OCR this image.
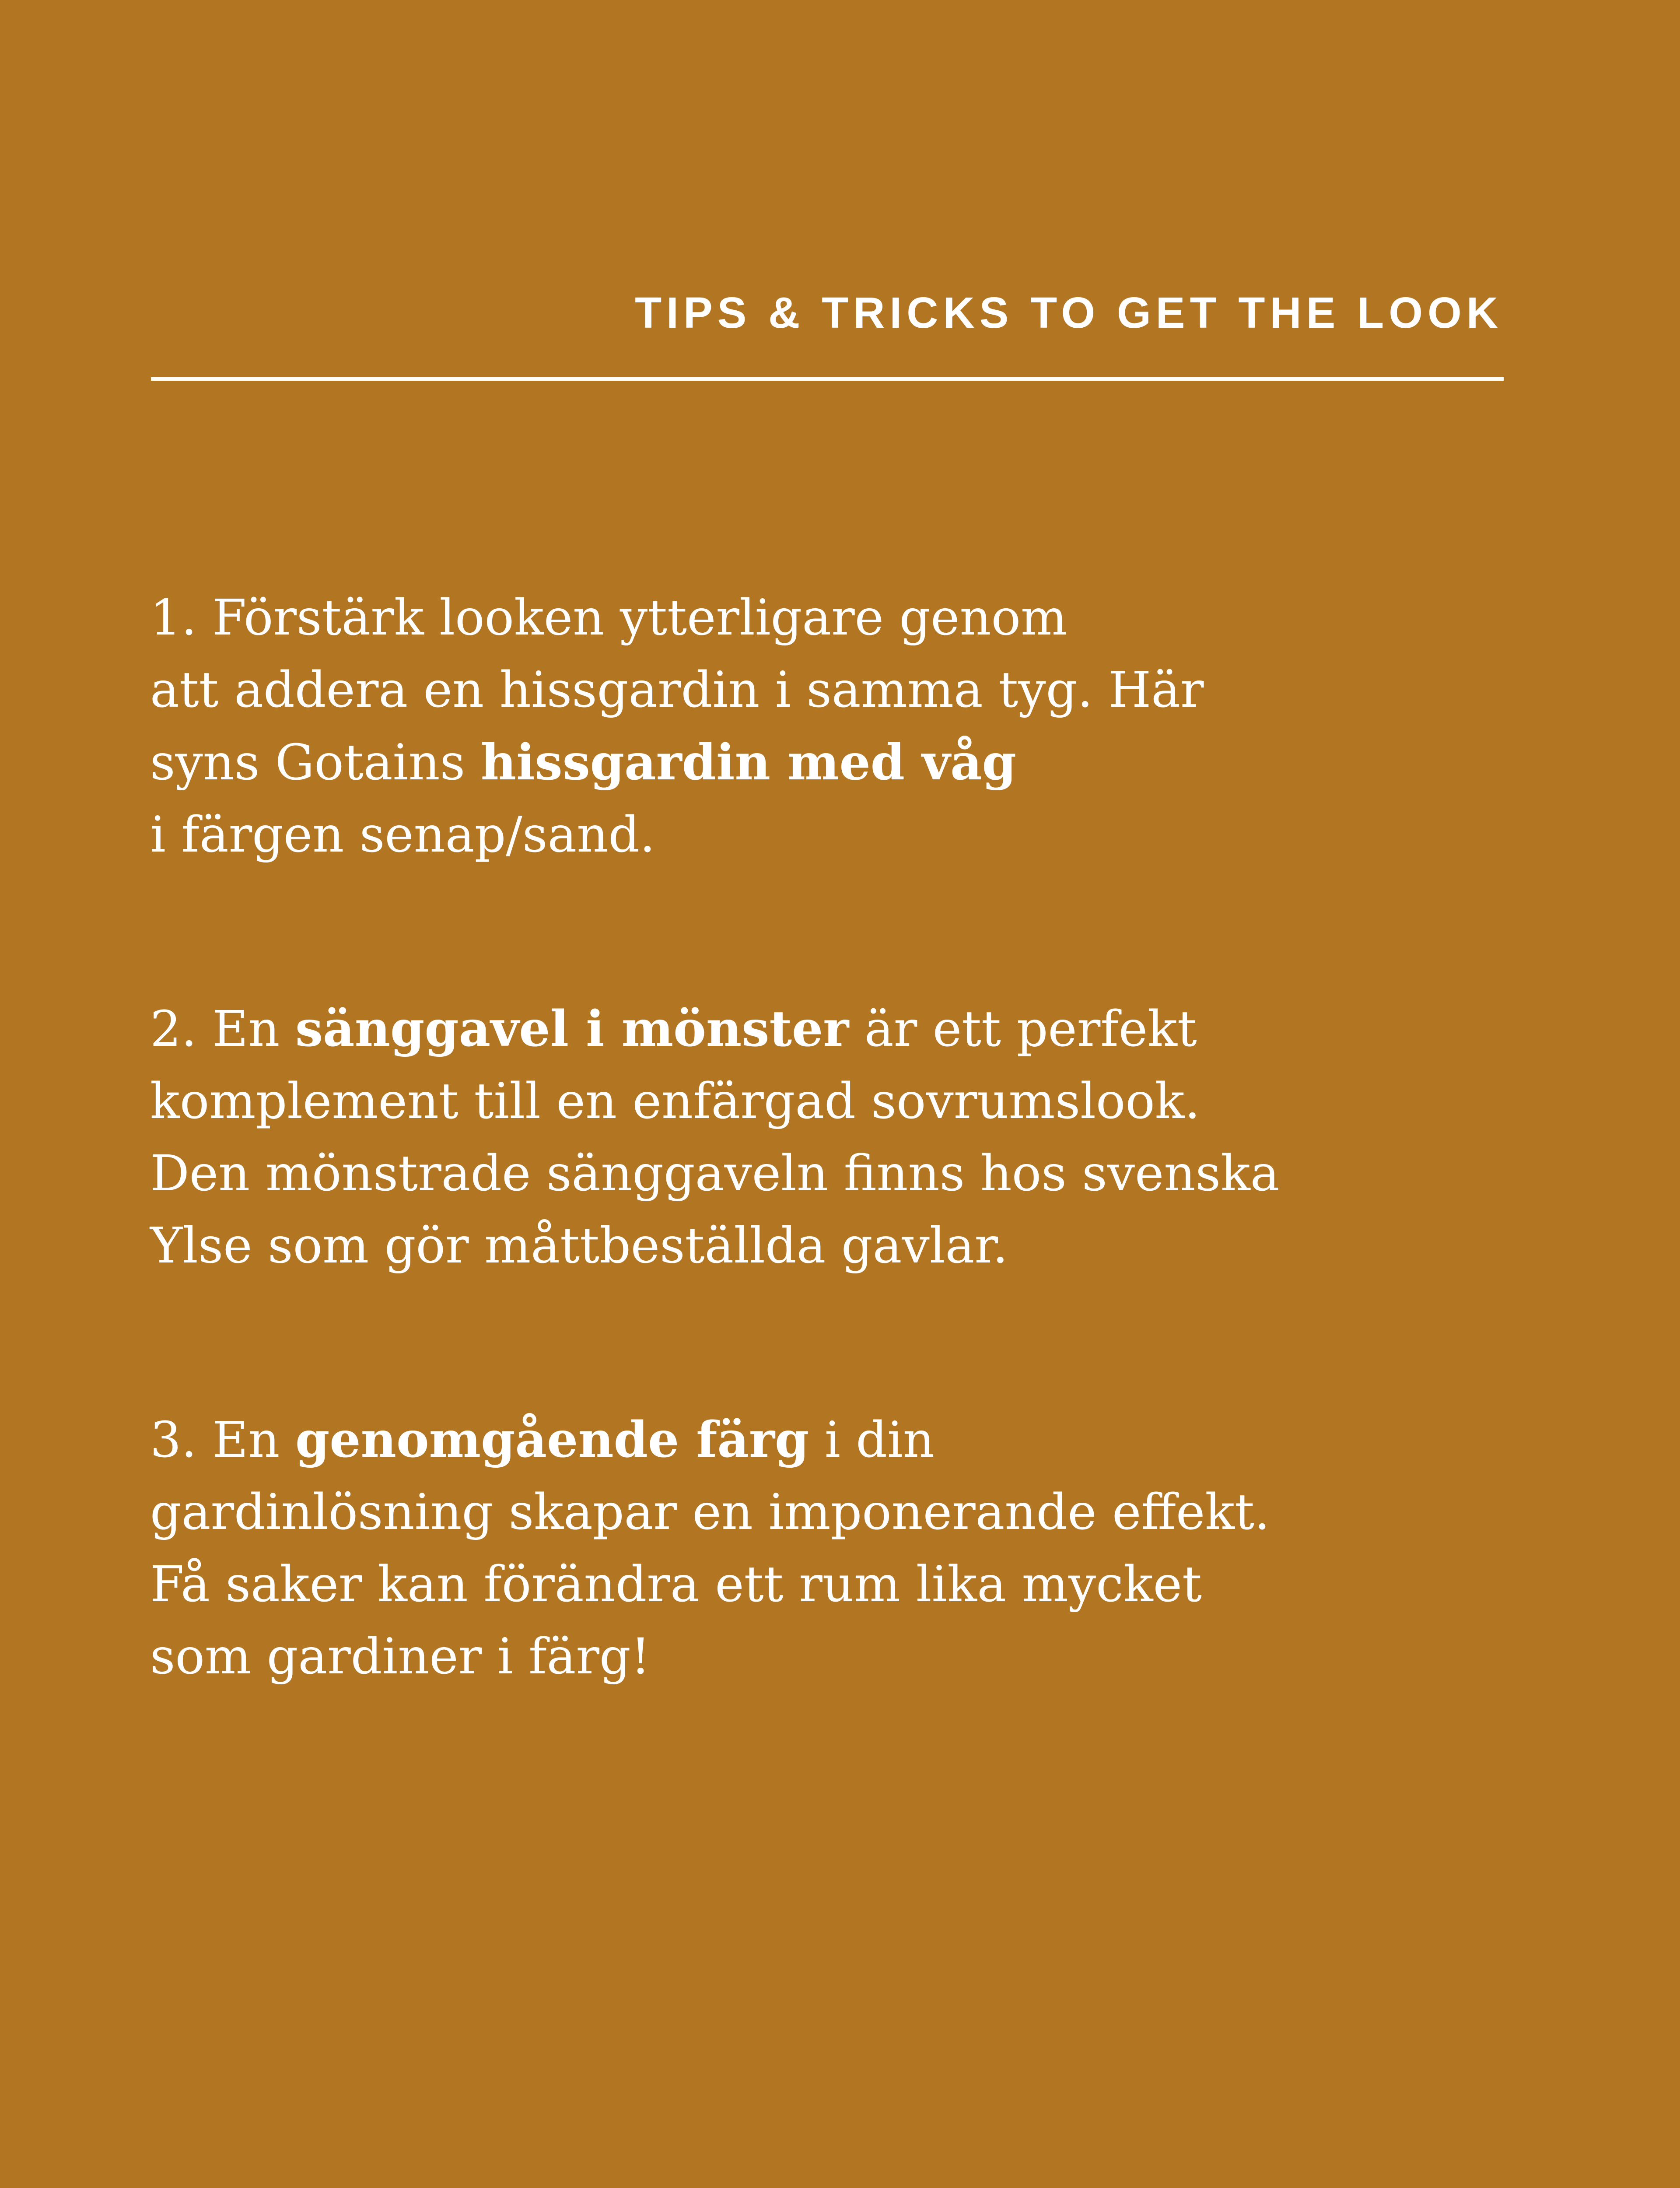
TIPS & TRICKS TO GET THE LOOK
1. Förstärk looken ytterligare genom
att addera en hissgardin i samma tyg. Här
syns Gotains hissgardin med våg
i färgen senap/sand.
2. En sänggavel i mönster är ett perfekt
komplement till en enfärgad sovrumslook.
Den mönstrade sänggaveln finns hos svenska
Ylse som gör måttbeställda gavlar.
3. En genomgående färg i din
gardinlösning skapar en imponerande effekt.
Få saker kan förändra ett rum lika mycket
som gardiner i färg!
